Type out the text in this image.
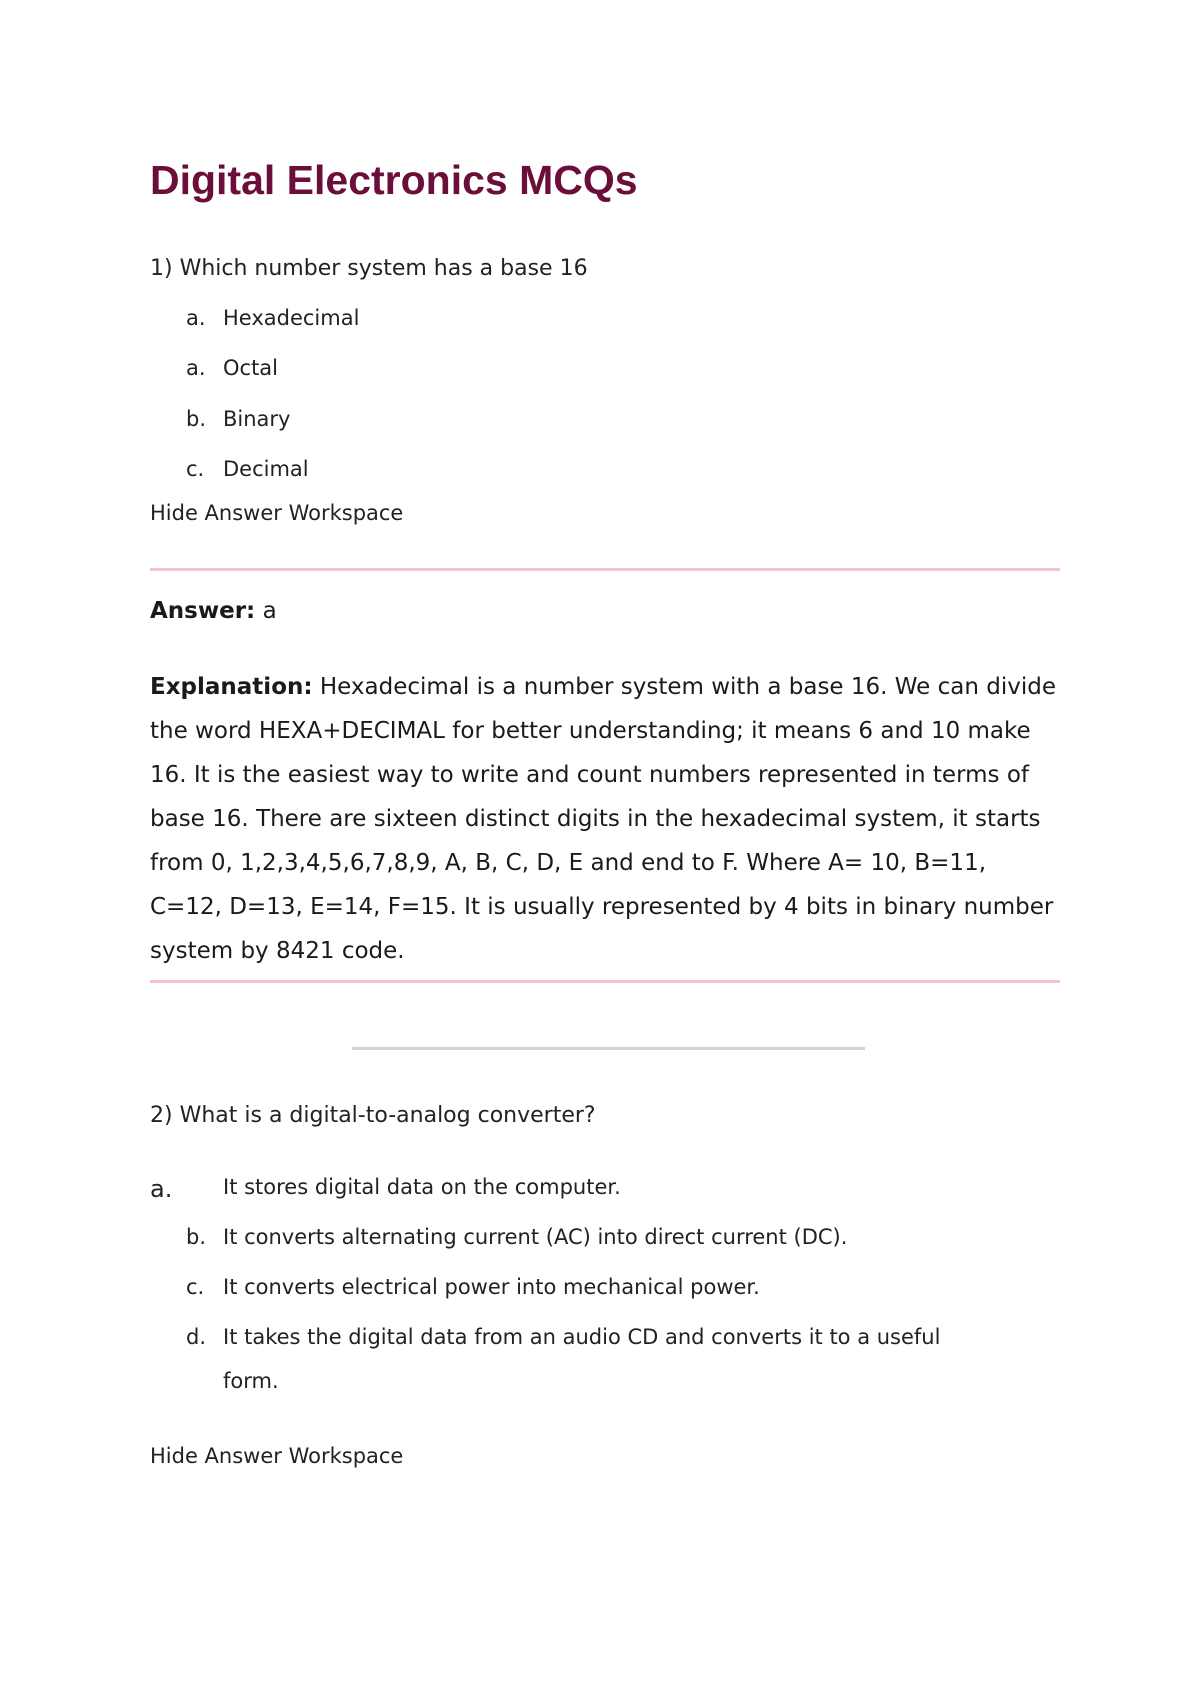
Digital Electronics MCQs
1) Which number system has a base 16
a. Hexadecimal
a. Octal
b. Binary
c. Decimal
Hide Answer Workspace
Answer: a

Explanation: Hexadecimal is a number system with a base 16. We can divide the word HEXA+DECIMAL for better understanding; it means 6 and 10 make 16. It is the easiest way to write and count numbers represented in terms of base 16. There are sixteen distinct digits in the hexadecimal system, it starts from 0, 1,2,3,4,5,6,7,8,9, A, B, C, D, E and end to F. Where A= 10, B=11, C=12, D=13, E=14, F=15. It is usually represented by 4 bits in binary number system by 8421 code.

2) What is a digital-to-analog converter?
a. It stores digital data on the computer.
b. It converts alternating current (AC) into direct current (DC).
c. It converts electrical power into mechanical power.
d. It takes the digital data from an audio CD and converts it to a useful
form.
Hide Answer Workspace
